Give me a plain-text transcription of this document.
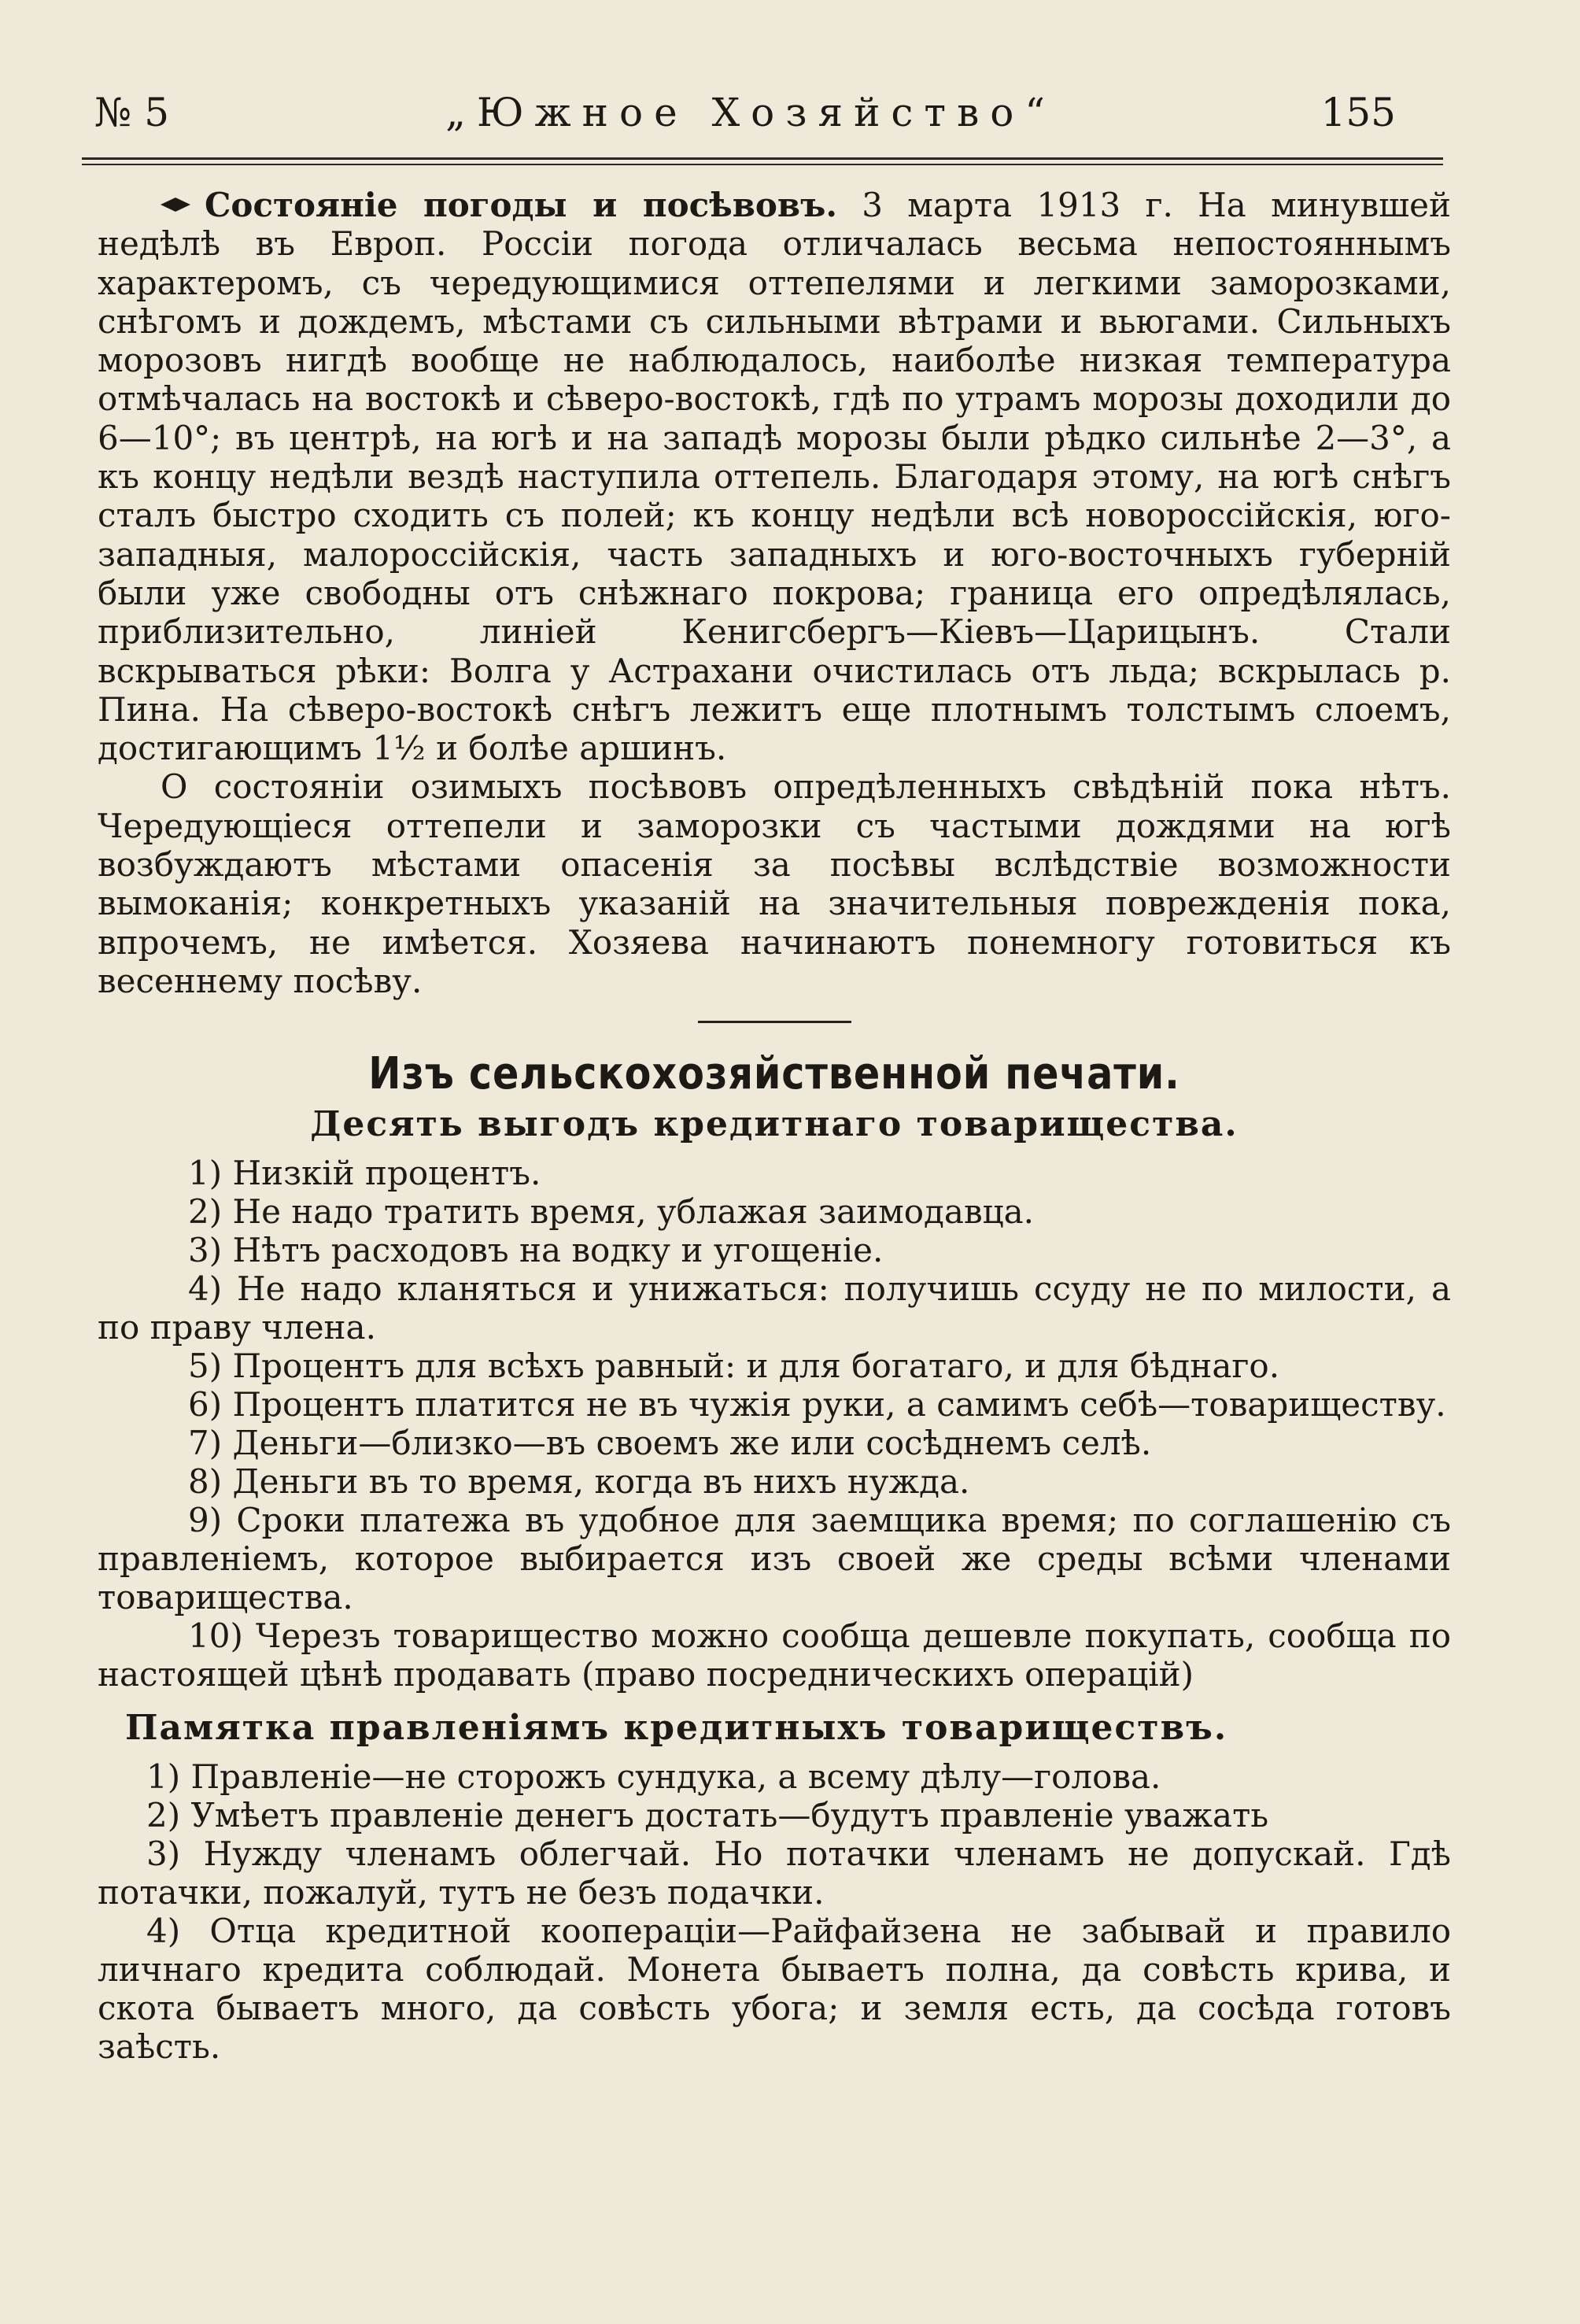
№ 5	„Южное Хозяйство“	155

Состоянiе погоды и посѣвовъ. 3 марта 1913 г. На минувшей недѣлѣ въ Европ. Россiи погода отличалась весьма непостояннымъ характеромъ, съ чередующимися оттепелями и легкими заморозками, снѣгомъ и дождемъ, мѣстами съ сильными вѣтрами и вьюгами. Сильныхъ морозовъ нигдѣ вообще не наблюдалось, наиболѣе низкая температура отмѣчалась на востокѣ и сѣверо-востокѣ, гдѣ по утрамъ морозы доходили до 6—10°; въ центрѣ, на югѣ и на западѣ морозы были рѣдко сильнѣе 2—3°, а къ концу недѣли вездѣ наступила оттепель. Благодаря этому, на югѣ снѣгъ сталъ быстро сходить съ полей; къ концу недѣли всѣ новороссiйскiя, юго-западныя, малороссiйскiя, часть западныхъ и юго-восточныхъ губернiй были уже свободны отъ снѣжнаго покрова; граница его опредѣлялась, приблизительно, линiей Кенигсбергъ—Кiевъ—Царицынъ. Стали вскрываться рѣки: Волга у Астрахани очистилась отъ льда; вскрылась р. Пина. На сѣверо-востокѣ снѣгъ лежитъ еще плотнымъ толстымъ слоемъ, достигающимъ 1½ и болѣе аршинъ.

О состоянiи озимыхъ посѣвовъ опредѣленныхъ свѣдѣнiй пока нѣтъ. Чередующiеся оттепели и заморозки съ частыми дождями на югѣ возбуждаютъ мѣстами опасенiя за посѣвы вслѣдствiе возможности вымоканiя; конкретныхъ указанiй на значительныя поврежденiя пока, впрочемъ, не имѣется. Хозяева начинаютъ понемногу готовиться къ весеннему посѣву.

Изъ сельскохозяйственной печати.
Десять выгодъ кредитнаго товарищества.
1) Низкiй процентъ.
2) Не надо тратить время, ублажая заимодавца.
3) Нѣтъ расходовъ на водку и угощенiе.
4) Не надо кланяться и унижаться: получишь ссуду не по милости, а по праву члена.
5) Процентъ для всѣхъ равный: и для богатаго, и для бѣднаго.
6) Процентъ платится не въ чужiя руки, а самимъ себѣ—товариществу.
7) Деньги—близко—въ своемъ же или сосѣднемъ селѣ.
8) Деньги въ то время, когда въ нихъ нужда.
9) Сроки платежа въ удобное для заемщика время; по соглашенiю съ правленiемъ, которое выбирается изъ своей же среды всѣми членами товарищества.
10) Черезъ товарищество можно сообща дешевле покупать, сообща по настоящей цѣнѣ продавать (право посредническихъ операцiй)
Памятка правленiямъ кредитныхъ товариществъ.
1) Правленiе—не сторожъ сундука, а всему дѣлу—голова.
2) Умѣетъ правленiе денегъ достать—будутъ правленiе уважать
3) Нужду членамъ облегчай. Но потачки членамъ не допускай. Гдѣ потачки, пожалуй, тутъ не безъ подачки.
4) Отца кредитной кооперацiи—Райфайзена не забывай и правило личнаго кредита соблюдай. Монета бываетъ полна, да совѣсть крива, и скота бываетъ много, да совѣсть убога; и земля есть, да сосѣда готовъ заѣсть.
